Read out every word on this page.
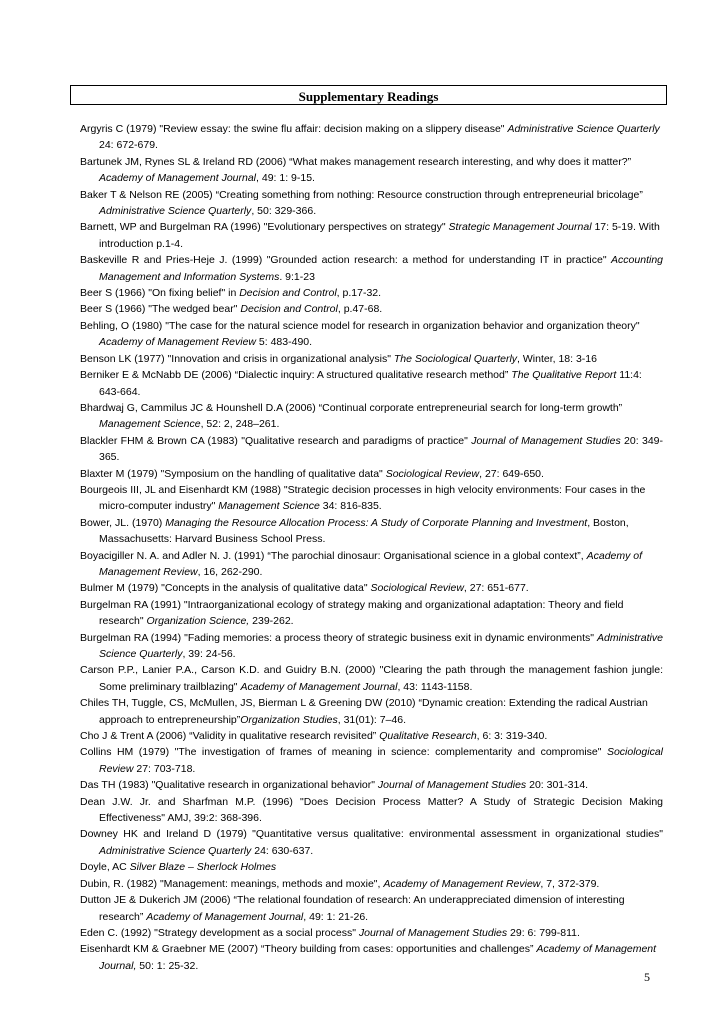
Supplementary Readings
Argyris C (1979) "Review essay: the swine flu affair: decision making on a slippery disease" Administrative Science Quarterly 24: 672-679.
Bartunek JM, Rynes SL & Ireland RD (2006) “What makes management research interesting, and why does it matter?” Academy of Management Journal, 49: 1: 9-15.
Baker T & Nelson RE (2005) “Creating something from nothing: Resource construction through entrepreneurial bricolage” Administrative Science Quarterly, 50: 329-366.
Barnett, WP and Burgelman RA (1996) "Evolutionary perspectives on strategy" Strategic Management Journal 17: 5-19. With introduction p.1-4.
Baskeville R and Pries-Heje J. (1999) "Grounded action research: a method for understanding IT in practice" Accounting Management and Information Systems. 9:1-23
Beer S (1966) "On fixing belief" in Decision and Control, p.17-32.
Beer S (1966) "The wedged bear" Decision and Control, p.47-68.
Behling, O (1980) "The case for the natural science model for research in organization behavior and organization theory" Academy of Management Review 5: 483-490.
Benson LK (1977) "Innovation and crisis in organizational analysis" The Sociological Quarterly, Winter, 18: 3-16
Berniker E & McNabb DE (2006) “Dialectic inquiry: A structured qualitative research method” The Qualitative Report 11:4: 643-664.
Bhardwaj G, Cammilus JC & Hounshell D.A (2006) “Continual corporate entrepreneurial search for long-term growth” Management Science, 52: 2, 248–261.
Blackler FHM & Brown CA (1983) "Qualitative research and paradigms of practice" Journal of Management Studies 20: 349-365.
Blaxter M (1979) "Symposium on the handling of qualitative data" Sociological Review, 27: 649-650.
Bourgeois III, JL and Eisenhardt KM (1988) "Strategic decision processes in high velocity environments: Four cases in the micro-computer industry" Management Science 34: 816-835.
Bower, JL. (1970) Managing the Resource Allocation Process: A Study of Corporate Planning and Investment, Boston, Massachusetts: Harvard Business School Press.
Boyacigiller N. A. and Adler N. J. (1991) “The parochial dinosaur: Organisational science in a global context”, Academy of Management Review, 16, 262-290.
Bulmer M (1979) "Concepts in the analysis of qualitative data" Sociological Review, 27: 651-677.
Burgelman RA (1991) "Intraorganizational ecology of strategy making and organizational adaptation: Theory and field research" Organization Science, 239-262.
Burgelman RA (1994) "Fading memories: a process theory of strategic business exit in dynamic environments" Administrative Science Quarterly, 39: 24-56.
Carson P.P., Lanier P.A., Carson K.D. and Guidry B.N. (2000) "Clearing the path through the management fashion jungle: Some preliminary trailblazing" Academy of Management Journal, 43: 1143-1158.
Chiles TH, Tuggle, CS, McMullen, JS, Bierman L & Greening DW (2010) “Dynamic creation: Extending the radical Austrian approach to entrepreneurship”Organization Studies, 31(01): 7–46.
Cho J & Trent A (2006) “Validity in qualitative research revisited” Qualitative Research, 6: 3: 319-340.
Collins HM (1979) "The investigation of frames of meaning in science: complementarity and compromise" Sociological Review 27: 703-718.
Das TH (1983) "Qualitative research in organizational behavior" Journal of Management Studies 20: 301-314.
Dean J.W. Jr. and Sharfman M.P. (1996) "Does Decision Process Matter? A Study of Strategic Decision Making Effectiveness" AMJ, 39:2: 368-396.
Downey HK and Ireland D (1979) "Quantitative versus qualitative: environmental assessment in organizational studies" Administrative Science Quarterly 24: 630-637.
Doyle, AC Silver Blaze – Sherlock Holmes
Dubin, R. (1982) "Management: meanings, methods and moxie", Academy of Management Review, 7, 372-379.
Dutton JE & Dukerich JM (2006) “The relational foundation of research: An underappreciated dimension of interesting research” Academy of Management Journal, 49: 1: 21-26.
Eden C. (1992) "Strategy development as a social process" Journal of Management Studies 29: 6: 799-811.
Eisenhardt KM & Graebner ME (2007) “Theory building from cases: opportunities and challenges” Academy of Management Journal, 50: 1: 25-32.
5
